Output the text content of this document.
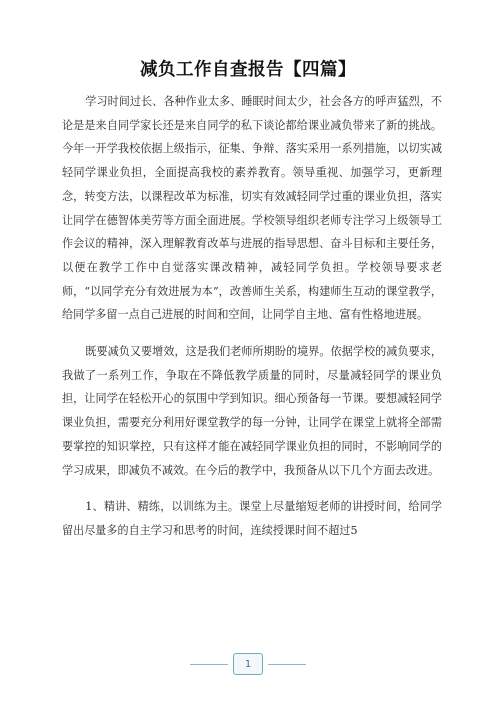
减负工作自查报告【四篇】

学习时间过长、各种作业太多、睡眠时间太少，社会各方的呼声猛烈，不论是是来自同学家长还是来自同学的私下谈论都给课业减负带来了新的挑战。今年一开学我校依据上级指示，征集、争辩、落实采用一系列措施，以切实减轻同学课业负担，全面提高我校的素养教育。领导重视、加强学习，更新理念，转变方法，以课程改革为标准，切实有效减轻同学过重的课业负担，落实让同学在德智体美劳等方面全面进展。学校领导组织老师专注学习上级领导工作会议的精神，深入理解教育改革与进展的指导思想、奋斗目标和主要任务，以便在教学工作中自觉落实课改精神，减轻同学负担。学校领导要求老师，“以同学充分有效进展为本”，改善师生关系，构建师生互动的课堂教学，给同学多留一点自己进展的时间和空间，让同学自主地、富有性格地进展。

既要减负又要增效，这是我们老师所期盼的境界。依据学校的减负要求，我做了一系列工作，争取在不降低教学质量的同时，尽量减轻同学的课业负担，让同学在轻松开心的氛围中学到知识。细心预备每一节课。要想减轻同学课业负担，需要充分利用好课堂教学的每一分钟，让同学在课堂上就将全部需要掌控的知识掌控，只有这样才能在减轻同学课业负担的同时，不影响同学的学习成果，即减负不减效。在今后的教学中，我预备从以下几个方面去改进。

1、精讲、精练，以训练为主。课堂上尽量缩短老师的讲授时间，给同学留出尽量多的自主学习和思考的时间，连续授课时间不超过5

1
